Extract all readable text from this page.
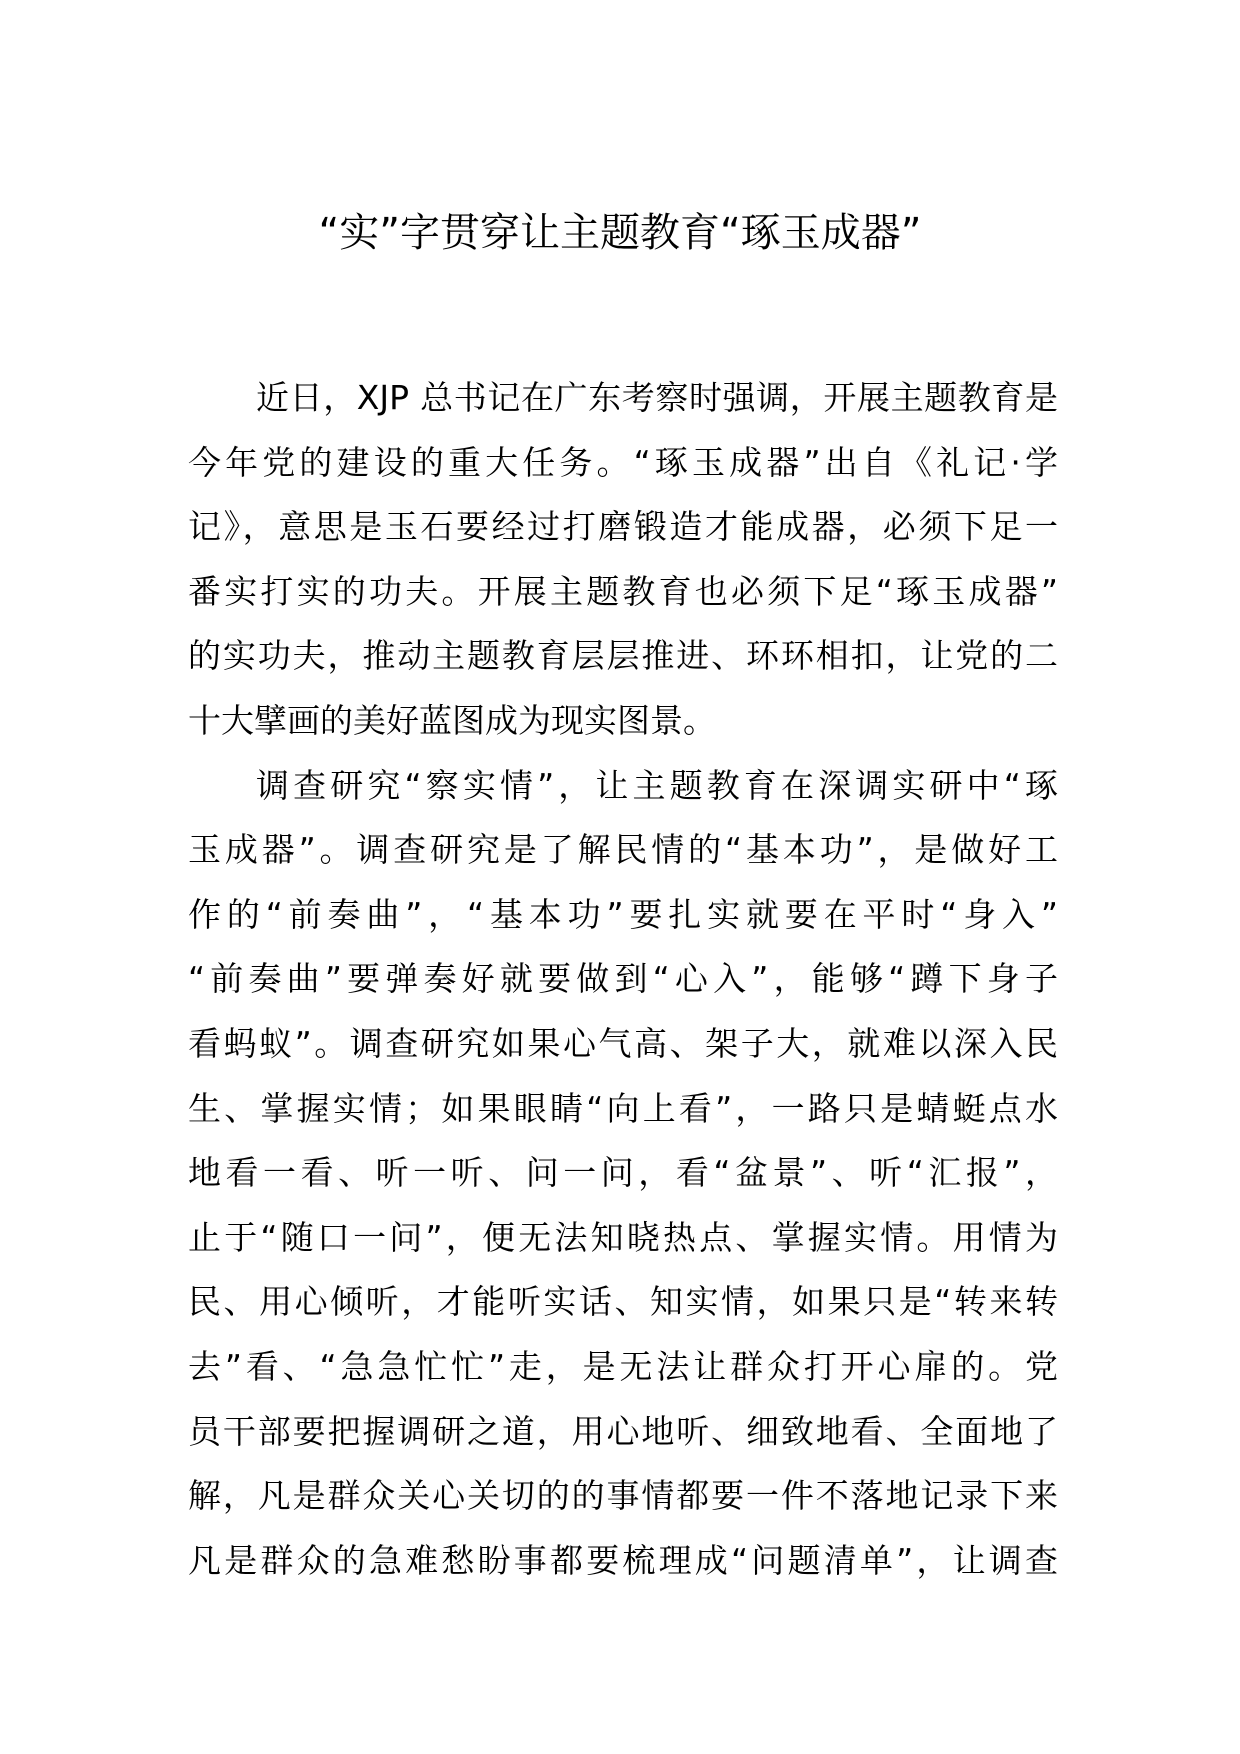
“实”字贯穿让主题教育“琢玉成器”
近日，XJP 总书记在广东考察时强调，开展主题教育是
今年党的建设的重大任务。“琢玉成器”出自《礼记·学
记》，意思是玉石要经过打磨锻造才能成器，必须下足一
番实打实的功夫。开展主题教育也必须下足“琢玉成器”
的实功夫，推动主题教育层层推进、环环相扣，让党的二
十大擘画的美好蓝图成为现实图景。
调查研究“察实情”，让主题教育在深调实研中“琢
玉成器”。调查研究是了解民情的“基本功”，是做好工
作的“前奏曲”，“基本功”要扎实就要在平时“身入”
“前奏曲”要弹奏好就要做到“心入”，能够“蹲下身子
看蚂蚁”。调查研究如果心气高、架子大，就难以深入民
生、掌握实情；如果眼睛“向上看”，一路只是蜻蜓点水
地看一看、听一听、问一问，看“盆景”、听“汇报”，
止于“随口一问”，便无法知晓热点、掌握实情。用情为
民、用心倾听，才能听实话、知实情，如果只是“转来转
去”看、“急急忙忙”走，是无法让群众打开心扉的。党
员干部要把握调研之道，用心地听、细致地看、全面地了
解，凡是群众关心关切的的事情都要一件不落地记录下来
凡是群众的急难愁盼事都要梳理成“问题清单”，让调查
